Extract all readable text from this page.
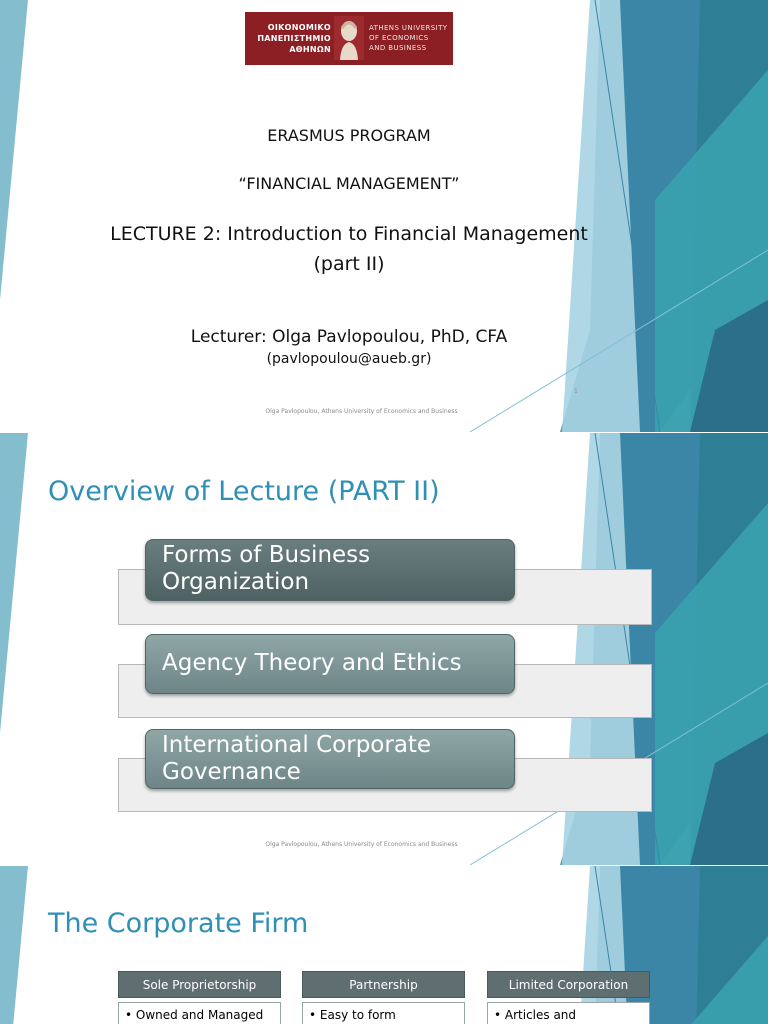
ΟΙΚΟΝΟΜΙΚΟ
ΠΑΝΕΠΙΣΤΗΜΙΟ
ΑΘΗΝΩΝ
ATHENS UNIVERSITY
OF ECONOMICS
AND BUSINESS
ERASMUS PROGRAM
“FINANCIAL MANAGEMENT”
LECTURE 2: Introduction to Financial Management
(part II)
Lecturer: Olga Pavlopoulou, PhD, CFA
(pavlopoulou@aueb.gr)
Olga Pavlopoulou, Athens University of Economics and Business
1
Overview of Lecture (PART II)
Forms of Business
Organization
Agency Theory and Ethics
International Corporate
Governance
Olga Pavlopoulou, Athens University of Economics and Business
The Corporate Firm
Sole Proprietorship
• Owned and Managed
Partnership
• Easy to form
Limited Corporation
• Articles and
